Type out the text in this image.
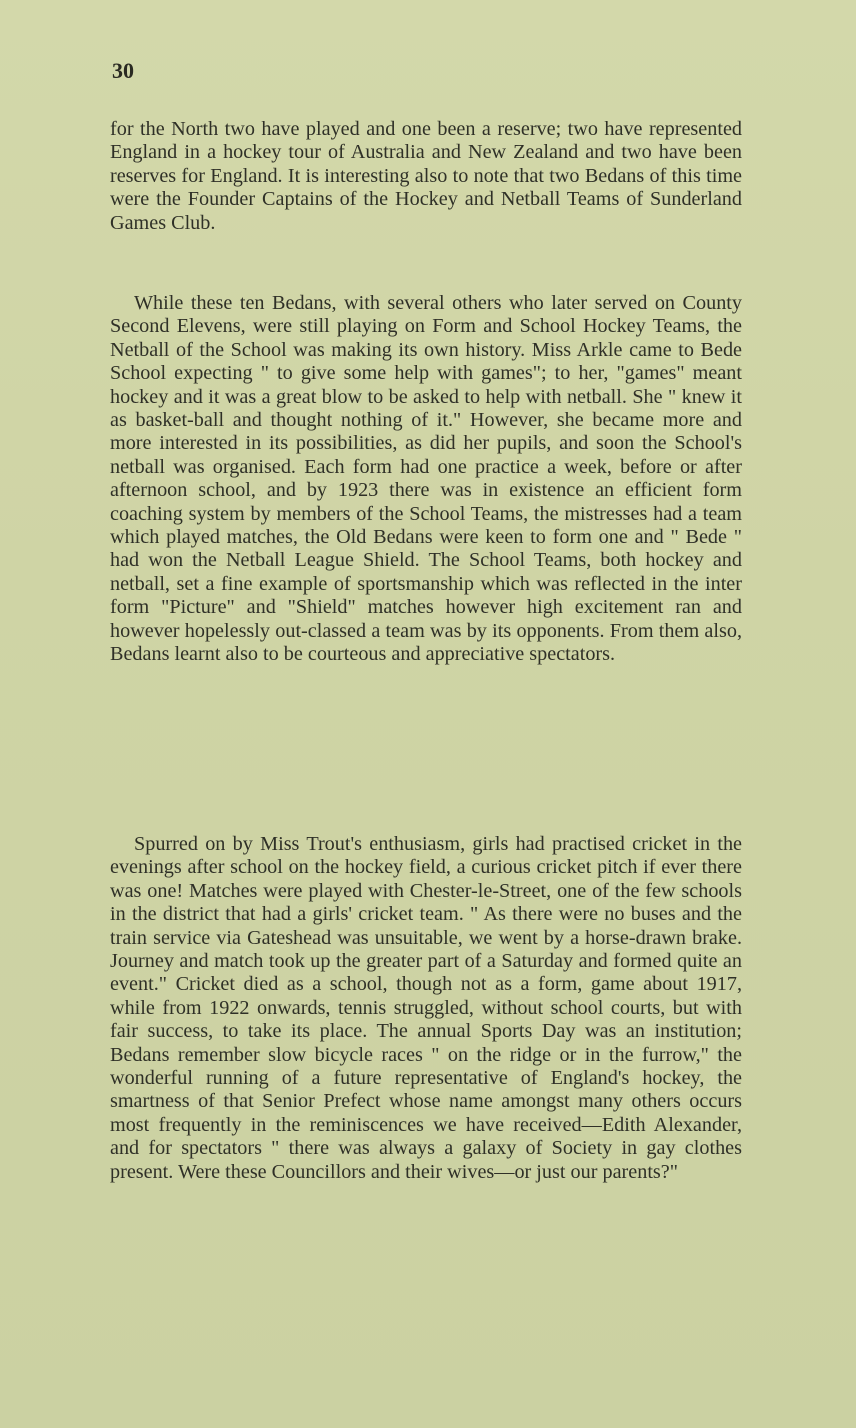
30

for the North two have played and one been a reserve; two have represented England in a hockey tour of Australia and New Zealand and two have been reserves for England. It is interesting also to note that two Bedans of this time were the Founder Captains of the Hockey and Netball Teams of Sunderland Games Club.

While these ten Bedans, with several others who later served on County Second Elevens, were still playing on Form and School Hockey Teams, the Netball of the School was making its own history. Miss Arkle came to Bede School expecting " to give some help with games"; to her, "games" meant hockey and it was a great blow to be asked to help with netball. She " knew it as basket-ball and thought nothing of it." However, she became more and more interested in its possibilities, as did her pupils, and soon the School's netball was organised. Each form had one practice a week, before or after afternoon school, and by 1923 there was in existence an efficient form coaching system by members of the School Teams, the mistresses had a team which played matches, the Old Bedans were keen to form one and " Bede " had won the Netball League Shield. The School Teams, both hockey and netball, set a fine example of sportsmanship which was reflected in the inter form "Picture" and "Shield" matches however high excitement ran and however hopelessly out-classed a team was by its opponents. From them also, Bedans learnt also to be courteous and appreciative spectators.

Spurred on by Miss Trout's enthusiasm, girls had practised cricket in the evenings after school on the hockey field, a curious cricket pitch if ever there was one! Matches were played with Chester-le-Street, one of the few schools in the district that had a girls' cricket team. " As there were no buses and the train service via Gateshead was unsuitable, we went by a horse-drawn brake. Journey and match took up the greater part of a Saturday and formed quite an event." Cricket died as a school, though not as a form, game about 1917, while from 1922 onwards, tennis struggled, without school courts, but with fair success, to take its place. The annual Sports Day was an institution; Bedans remember slow bicycle races " on the ridge or in the furrow," the wonderful running of a future representative of England's hockey, the smartness of that Senior Prefect whose name amongst many others occurs most frequently in the reminiscences we have received—Edith Alexander, and for spectators " there was always a galaxy of Society in gay clothes present. Were these Councillors and their wives—or just our parents?"
